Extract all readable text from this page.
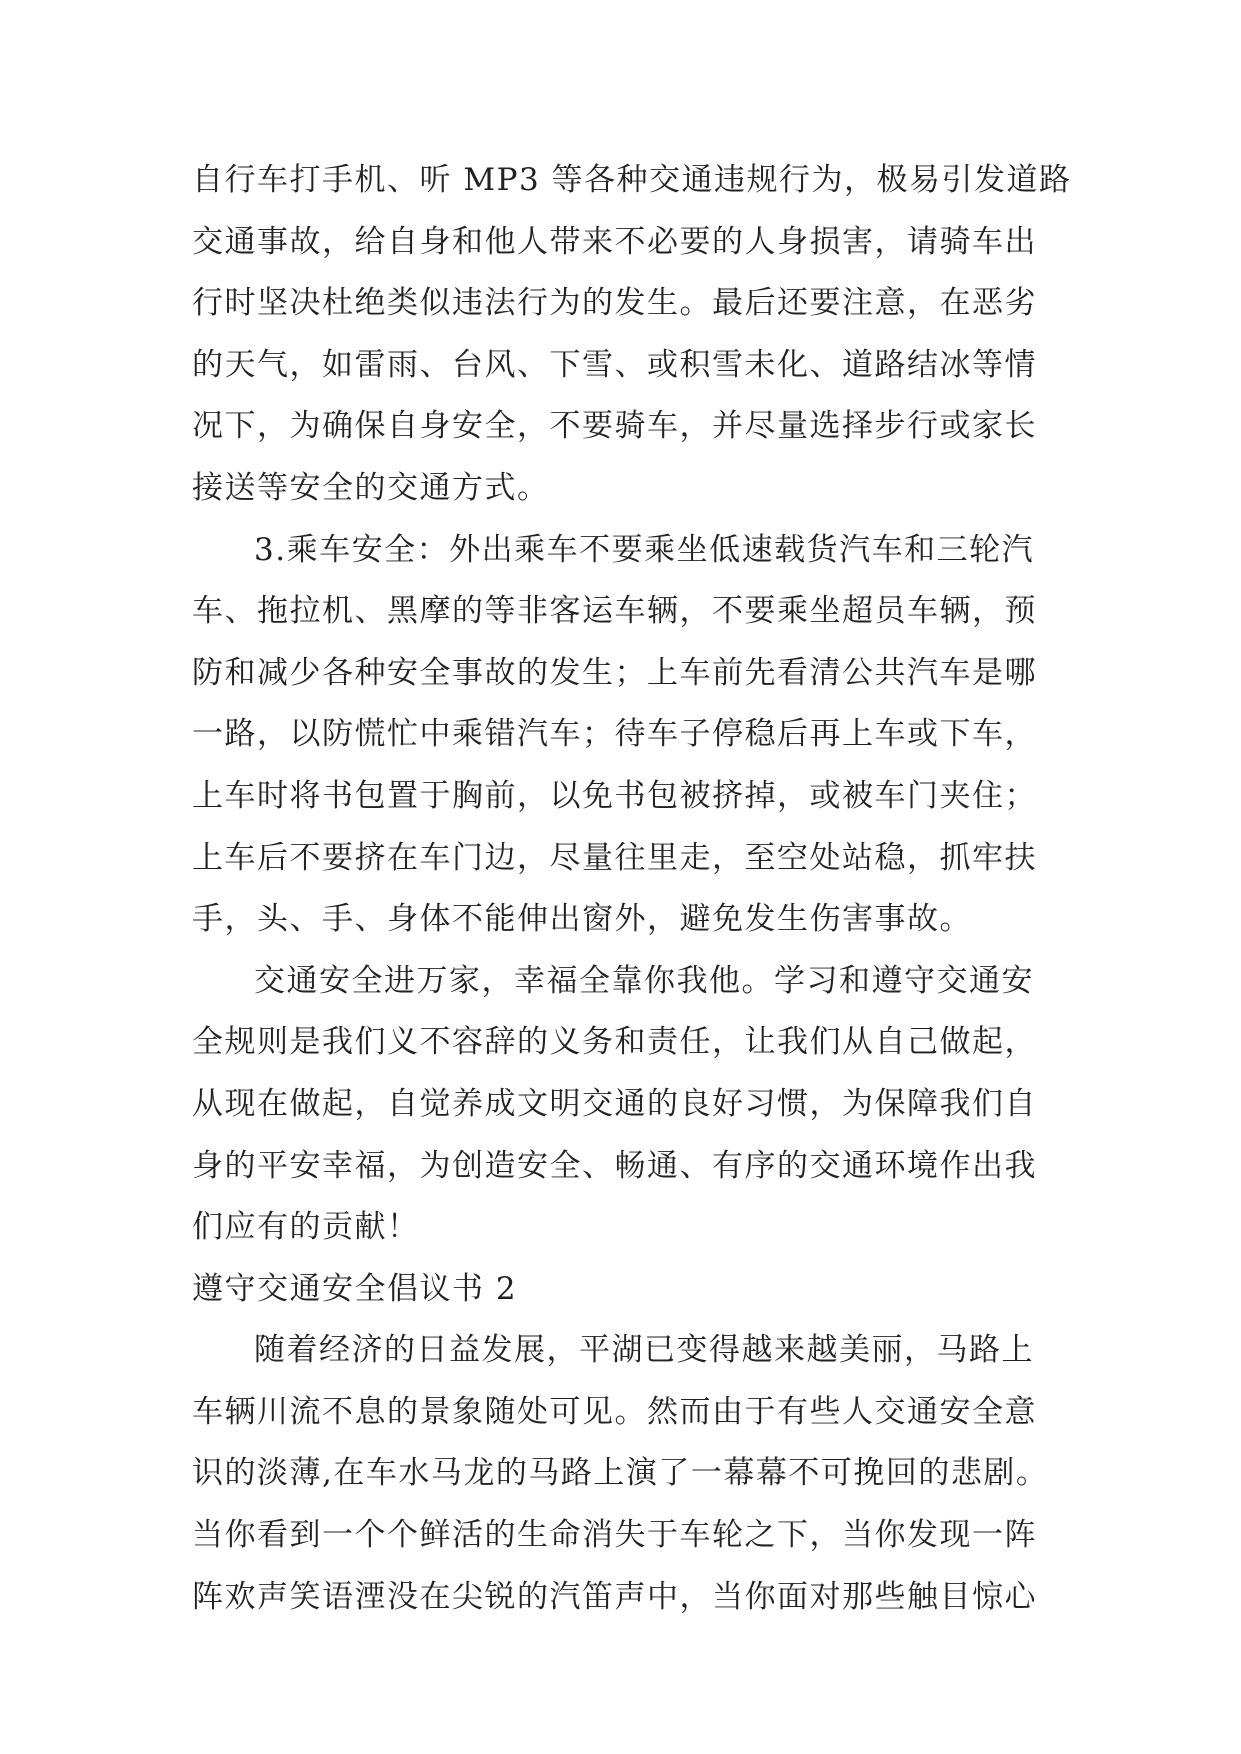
自行车打手机、听 MP3 等各种交通违规行为，极易引发道路
交通事故，给自身和他人带来不必要的人身损害，请骑车出
行时坚决杜绝类似违法行为的发生。最后还要注意，在恶劣
的天气，如雷雨、台风、下雪、或积雪未化、道路结冰等情
况下，为确保自身安全，不要骑车，并尽量选择步行或家长
接送等安全的交通方式。
3.乘车安全：外出乘车不要乘坐低速载货汽车和三轮汽
车、拖拉机、黑摩的等非客运车辆，不要乘坐超员车辆，预
防和减少各种安全事故的发生；上车前先看清公共汽车是哪
一路，以防慌忙中乘错汽车；待车子停稳后再上车或下车，
上车时将书包置于胸前，以免书包被挤掉，或被车门夹住；
上车后不要挤在车门边，尽量往里走，至空处站稳，抓牢扶
手，头、手、身体不能伸出窗外，避免发生伤害事故。
交通安全进万家，幸福全靠你我他。学习和遵守交通安
全规则是我们义不容辞的义务和责任，让我们从自己做起，
从现在做起，自觉养成文明交通的良好习惯，为保障我们自
身的平安幸福，为创造安全、畅通、有序的交通环境作出我
们应有的贡献！
遵守交通安全倡议书 2
随着经济的日益发展，平湖已变得越来越美丽，马路上
车辆川流不息的景象随处可见。然而由于有些人交通安全意
识的淡薄,在车水马龙的马路上演了一幕幕不可挽回的悲剧。
当你看到一个个鲜活的生命消失于车轮之下，当你发现一阵
阵欢声笑语湮没在尖锐的汽笛声中，当你面对那些触目惊心
